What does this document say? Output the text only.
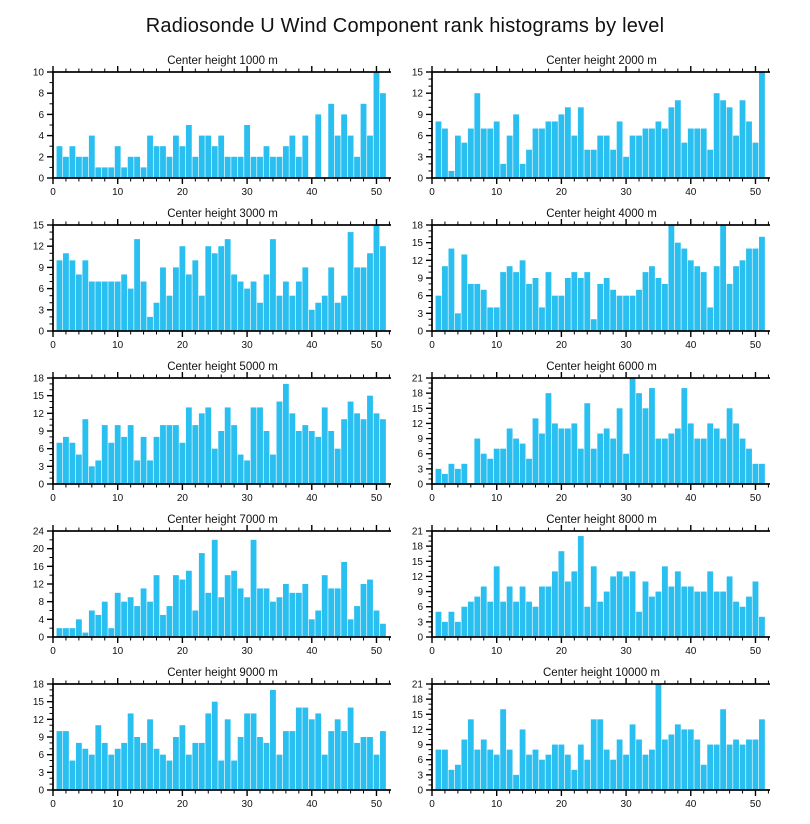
Radiosonde U Wind Component rank histograms by level
Center height 1000 m
0	10	20	30	40	50
0
2
4
6
8
10
Center height 2000 m
0	10	20	30	40	50
0
3
6
9
12
15
Center height 3000 m
0	10	20	30	40	50
0
3
6
9
12
15
Center height 4000 m
0	10	20	30	40	50
0
3
6
9
12
15
18
Center height 5000 m
0	10	20	30	40	50
0
3
6
9
12
15
18
Center height 6000 m
0	10	20	30	40	50
0
3
6
9
12
15
18
21
Center height 7000 m
0	10	20	30	40	50
0
4
8
12
16
20
24
Center height 8000 m
0	10	20	30	40	50
0
3
6
9
12
15
18
21
Center height 9000 m
0	10	20	30	40	50
0
3
6
9
12
15
18
Center height 10000 m
0	10	20	30	40	50
0
3
6
9
12
15
18
21
